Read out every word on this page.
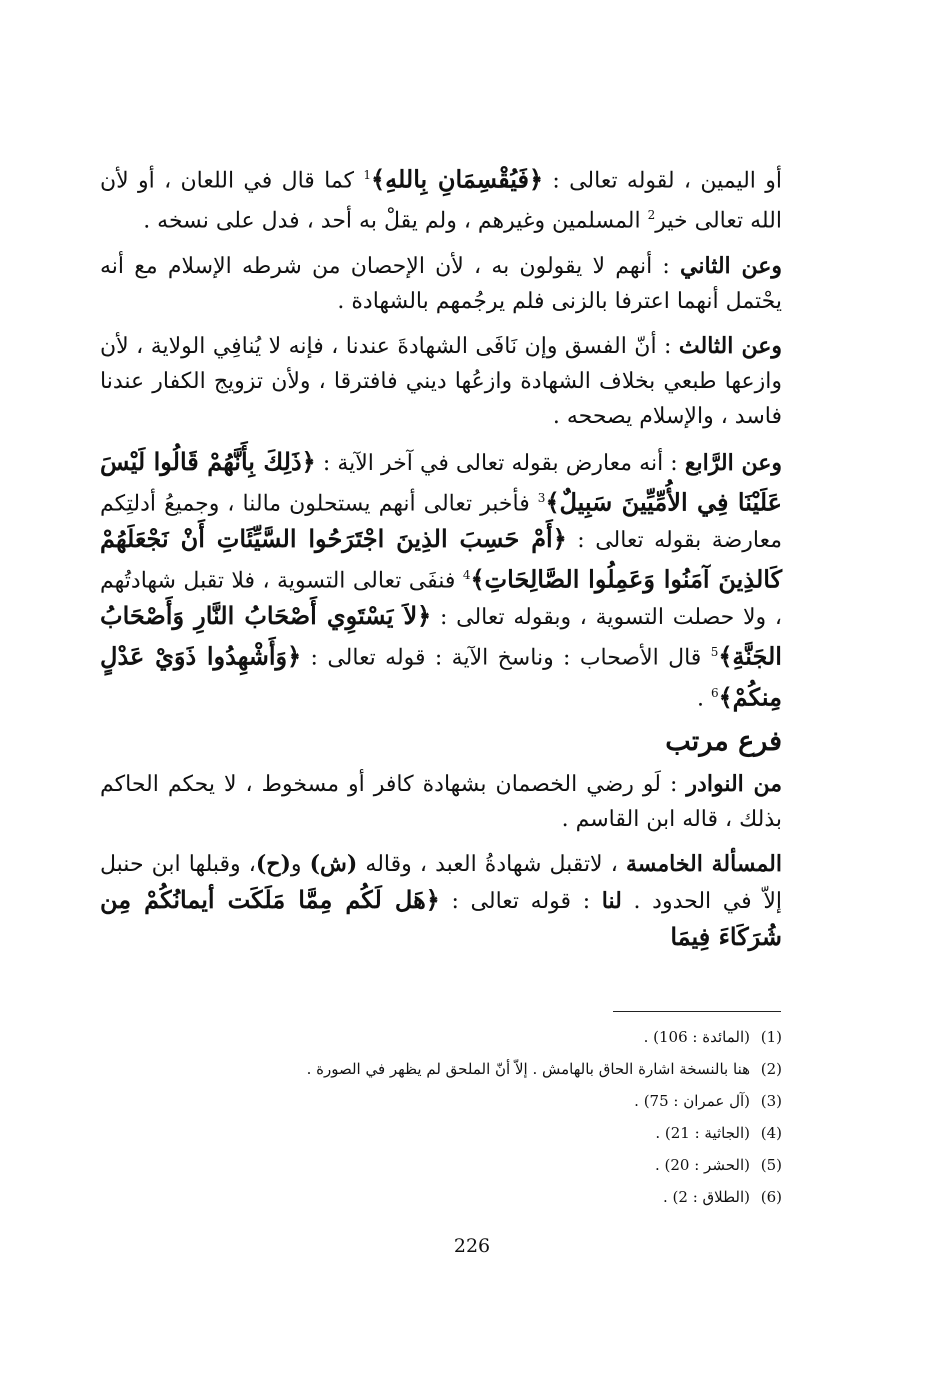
أو اليمين ، لقوله تعالى : ﴿فَيُقْسِمَانِ بِاللهِ﴾$^1$ كما قال في اللعان ، أو لأن الله تعالى خير$^2$ المسلمين وغيرهم ، ولم يقلْ به أحد ، فدل على نسخه .

وعن الثاني : أنهم لا يقولون به ، لأن الإحصان من شرطه الإسلام مع أنه يحْتمل أنهما اعترفا بالزنى فلم يرجُمهم بالشهادة .

وعن الثالث : أنّ الفسق وإن نَافَى الشهادةَ عندنا ، فإنه لا يُنافِي الولاية ، لأن وازعها طبعي بخلاف الشهادة وازعُها ديني فافترقا ، ولأن تزويج الكفار عندنا فاسد ، والإسلام يصححه .

وعن الرَّابع : أنه معارض بقوله تعالى في آخر الآية : ﴿ذَلِكَ بِأَنَّهُمْ قَالُوا لَيْسَ عَلَيْنَا فِي الأُمِّيِّينَ سَبِيلٌ﴾$^3$ فأخبر تعالى أنهم يستحلون مالنا ، وجميعُ أدلتِكم معارضة بقوله تعالى : ﴿أَمْ حَسِبَ الذِينَ اجْتَرَحُوا السَّيِّئَاتِ أَنْ نَجْعَلَهُمْ كَالذِينَ آمَنُوا وَعَمِلُوا الصَّالِحَاتِ﴾$^4$ فنفَى تعالى التسوية ، فلا تقبل شهادتُهم ، ولا حصلت التسوية ، وبقوله تعالى : ﴿لاَ يَسْتَوِي أَصْحَابُ النَّارِ وَأَصْحَابُ الجَنَّةِ﴾$^5$ قال الأصحاب : وناسخ الآية : قوله تعالى : ﴿وَأَشْهِدُوا ذَوَيْ عَدْلٍ مِنكُمْ﴾$^6$ .

فرع مرتب

من النوادر : لَو رضي الخصمان بشهادة كافر أو مسخوط ، لا يحكم الحاكم بذلك ، قاله ابن القاسم .

المسألة الخامسة ، لاتقبل شهادةُ العبد ، وقاله (ش) و(ح)، وقبلها ابن حنبل إلاّ في الحدود . لنا : قوله تعالى : ﴿هَل لَكُم مِمَّا مَلَكَت أيمانُكُمْ مِن شُرَكَاءَ فِيمَا

(1)(المائدة : 106) .
(2)هنا بالنسخة اشارة الحاق بالهامش . إلاّ أنّ الملحق لم يظهر في الصورة .
(3)(آل عمران : 75) .
(4)(الجاثية : 21) .
(5)(الحشر : 20) .
(6)(الطلاق : 2) .
226
